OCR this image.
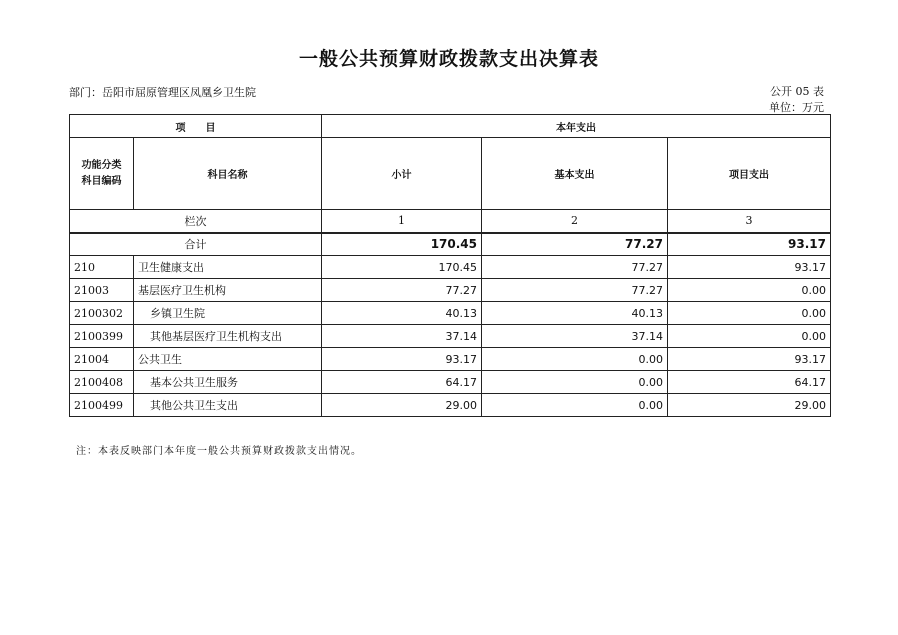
一般公共预算财政拨款支出决算表
部门：岳阳市屈原管理区凤凰乡卫生院	公开 05 表
单位：万元
项　　目		本年支出		

功能分类
科目编码	科目名称	小计	基本支出	项目支出
栏次		1	2	3
合计		170.45	77.27	93.17
210	卫生健康支出	170.45	77.27	93.17
21003	基层医疗卫生机构	77.27	77.27	0.00
2100302	乡镇卫生院	40.13	40.13	0.00
2100399	其他基层医疗卫生机构支出	37.14	37.14	0.00
21004	公共卫生	93.17	0.00	93.17
2100408	基本公共卫生服务	64.17	0.00	64.17
2100499	其他公共卫生支出	29.00	0.00	29.00
注：本表反映部门本年度一般公共预算财政拨款支出情况。
